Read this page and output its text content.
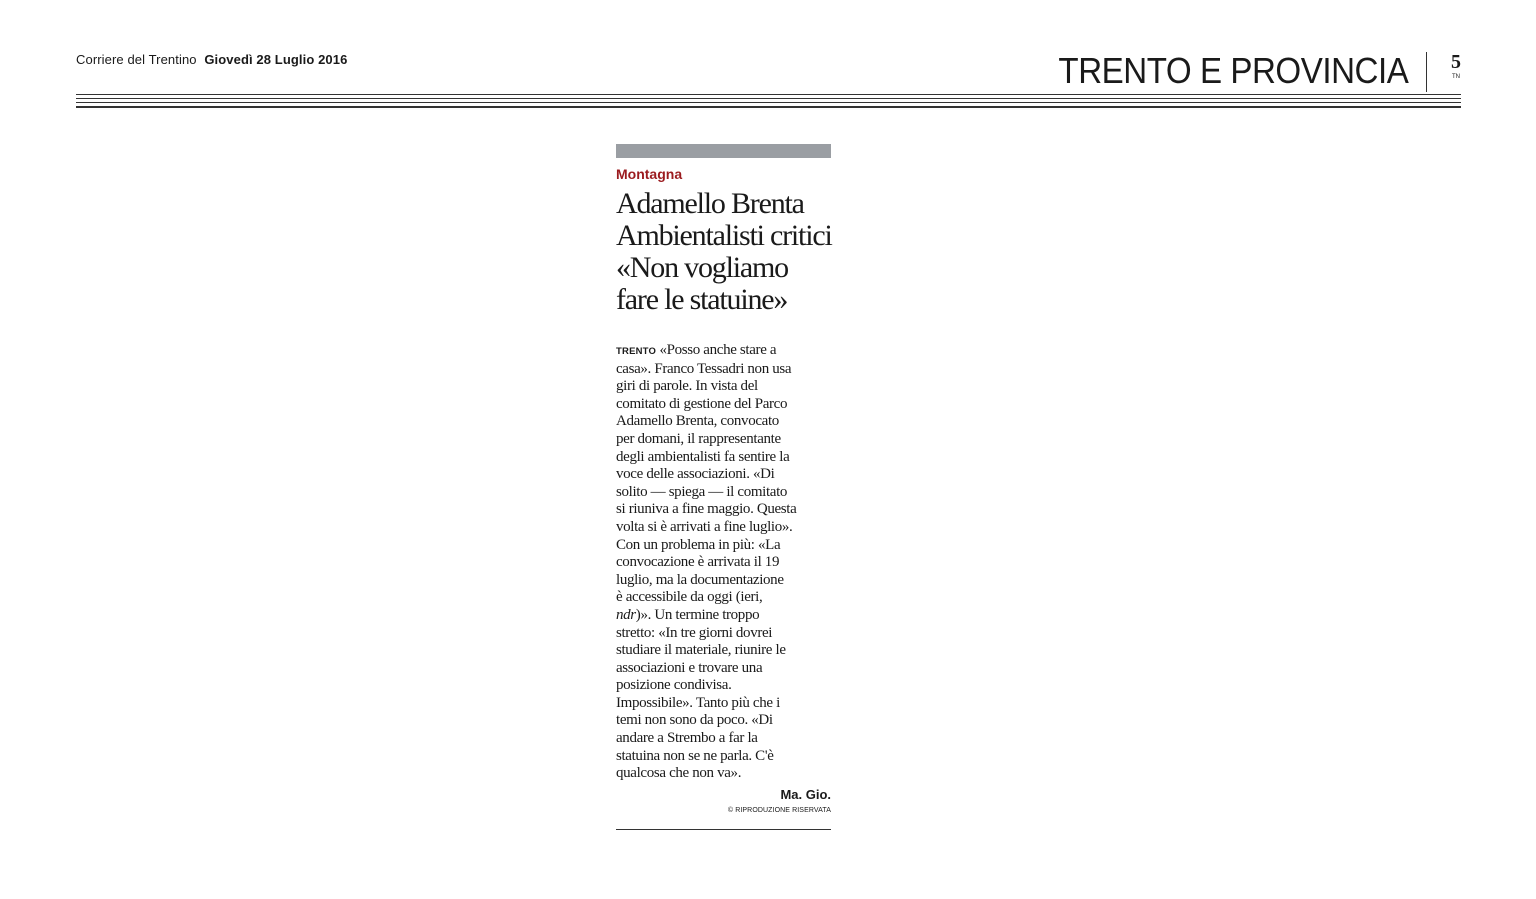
Corriere del Trentino Giovedì 28 Luglio 2016	TRENTO E PROVINCIA 5
TN
Montagna
Adamello Brenta
Ambientalisti critici
«Non vogliamo
fare le statuine»
TRENTO «Posso anche stare a
casa». Franco Tessadri non usa
giri di parole. In vista del
comitato di gestione del Parco
Adamello Brenta, convocato
per domani, il rappresentante
degli ambientalisti fa sentire la
voce delle associazioni. «Di
solito — spiega — il comitato
si riuniva a fine maggio. Questa
volta si è arrivati a fine luglio».
Con un problema in più: «La
convocazione è arrivata il 19
luglio, ma la documentazione
è accessibile da oggi (ieri,
ndr)». Un termine troppo
stretto: «In tre giorni dovrei
studiare il materiale, riunire le
associazioni e trovare una
posizione condivisa.
Impossibile». Tanto più che i
temi non sono da poco. «Di
andare a Strembo a far la
statuina non se ne parla. C'è
qualcosa che non va».
Ma. Gio.
© RIPRODUZIONE RISERVATA
